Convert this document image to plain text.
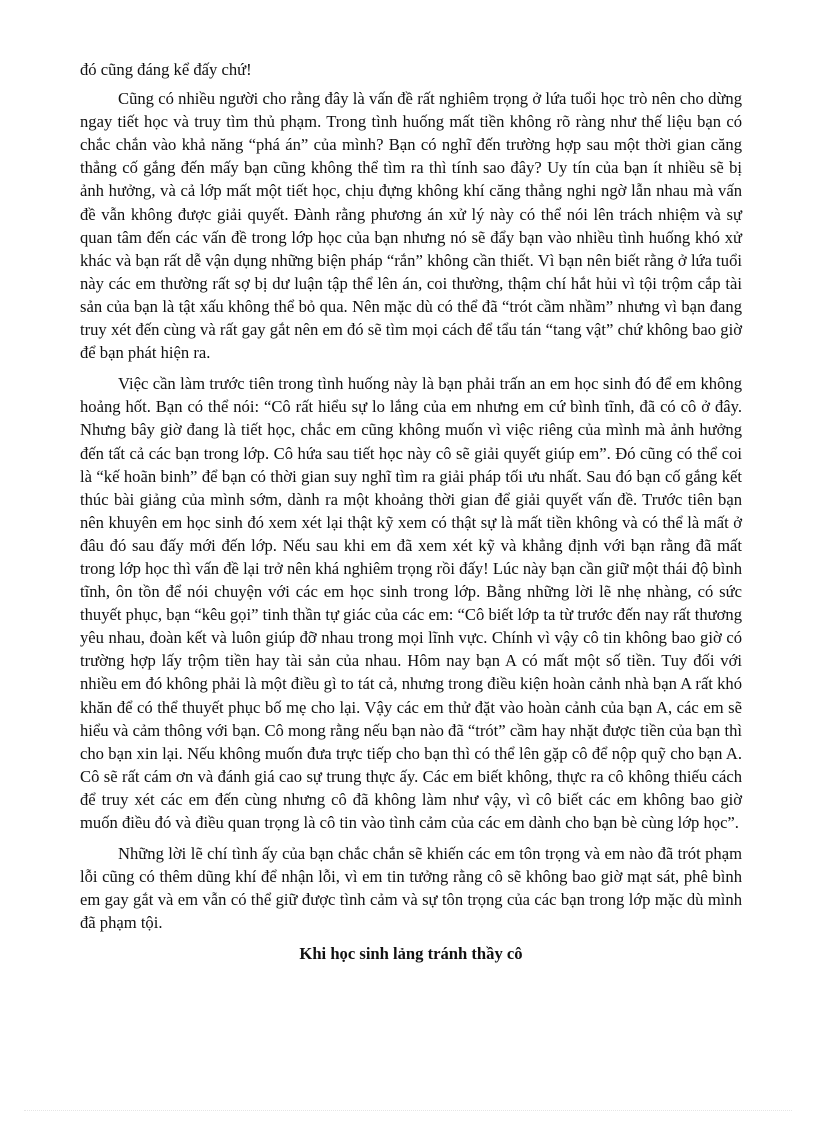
đó cũng đáng kể đấy chứ!

Cũng có nhiều người cho rằng đây là vấn đề rất nghiêm trọng ở lứa tuổi học trò nên cho dừng ngay tiết học và truy tìm thủ phạm. Trong tình huống mất tiền không rõ ràng như thế liệu bạn có chắc chắn vào khả năng “phá án” của mình? Bạn có nghĩ đến trường hợp sau một thời gian căng thẳng cố gắng đến mấy bạn cũng không thể tìm ra thì tính sao đây? Uy tín của bạn ít nhiều sẽ bị ảnh hưởng, và cả lớp mất một tiết học, chịu đựng không khí căng thẳng nghi ngờ lẫn nhau mà vấn đề vẫn không được giải quyết. Đành rằng phương án xử lý này có thể nói lên trách nhiệm và sự quan tâm đến các vấn đề trong lớp học của bạn nhưng nó sẽ đẩy bạn vào nhiều tình huống khó xử khác và bạn rất dễ vận dụng những biện pháp “rắn” không cần thiết. Vì bạn nên biết rằng ở lứa tuổi này các em thường rất sợ bị dư luận tập thể lên án, coi thường, thậm chí hắt hủi vì tội trộm cắp tài sản của bạn là tật xấu không thể bỏ qua. Nên mặc dù có thể đã “trót cầm nhầm” nhưng vì bạn đang truy xét đến cùng và rất gay gắt nên em đó sẽ tìm mọi cách để tẩu tán “tang vật” chứ không bao giờ để bạn phát hiện ra.

Việc cần làm trước tiên trong tình huống này là bạn phải trấn an em học sinh đó để em không hoảng hốt. Bạn có thể nói: “Cô rất hiểu sự lo lắng của em nhưng em cứ bình tĩnh, đã có cô ở đây. Nhưng bây giờ đang là tiết học, chắc em cũng không muốn vì việc riêng của mình mà ảnh hưởng đến tất cả các bạn trong lớp. Cô hứa sau tiết học này cô sẽ giải quyết giúp em”. Đó cũng có thể coi là “kế hoãn binh” để bạn có thời gian suy nghĩ tìm ra giải pháp tối ưu nhất. Sau đó bạn cố gắng kết thúc bài giảng của mình sớm, dành ra một khoảng thời gian để giải quyết vấn đề. Trước tiên bạn nên khuyên em học sinh đó xem xét lại thật kỹ xem có thật sự là mất tiền không và có thể là mất ở đâu đó sau đấy mới đến lớp. Nếu sau khi em đã xem xét kỹ và khẳng định với bạn rằng đã mất trong lớp học thì vấn đề lại trở nên khá nghiêm trọng rồi đấy! Lúc này bạn cần giữ một thái độ bình tĩnh, ôn tồn để nói chuyện với các em học sinh trong lớp. Bằng những lời lẽ nhẹ nhàng, có sức thuyết phục, bạn “kêu gọi” tinh thần tự giác của các em: “Cô biết lớp ta từ trước đến nay rất thương yêu nhau, đoàn kết và luôn giúp đỡ nhau trong mọi lĩnh vực. Chính vì vậy cô tin không bao giờ có trường hợp lấy trộm tiền hay tài sản của nhau. Hôm nay bạn A có mất một số tiền. Tuy đối với nhiều em đó không phải là một điều gì to tát cả, nhưng trong điều kiện hoàn cảnh nhà bạn A rất khó khăn để có thể thuyết phục bố mẹ cho lại. Vậy các em thử đặt vào hoàn cảnh của bạn A, các em sẽ hiểu và cảm thông với bạn. Cô mong rằng nếu bạn nào đã “trót” cầm hay nhặt được tiền của bạn thì cho bạn xin lại. Nếu không muốn đưa trực tiếp cho bạn thì có thể lên gặp cô để nộp quỹ cho bạn A. Cô sẽ rất cám ơn và đánh giá cao sự trung thực ấy. Các em biết không, thực ra cô không thiếu cách để truy xét các em đến cùng nhưng cô đã không làm như vậy, vì cô biết các em không bao giờ muốn điều đó và điều quan trọng là cô tin vào tình cảm của các em dành cho bạn bè cùng lớp học”.

Những lời lẽ chí tình ấy của bạn chắc chắn sẽ khiến các em tôn trọng và em nào đã trót phạm lỗi cũng có thêm dũng khí để nhận lỗi, vì em tin tưởng rằng cô sẽ không bao giờ mạt sát, phê bình em gay gắt và em vẫn có thể giữ được tình cảm và sự tôn trọng của các bạn trong lớp mặc dù mình đã phạm tội.

Khi học sinh lảng tránh thầy cô
